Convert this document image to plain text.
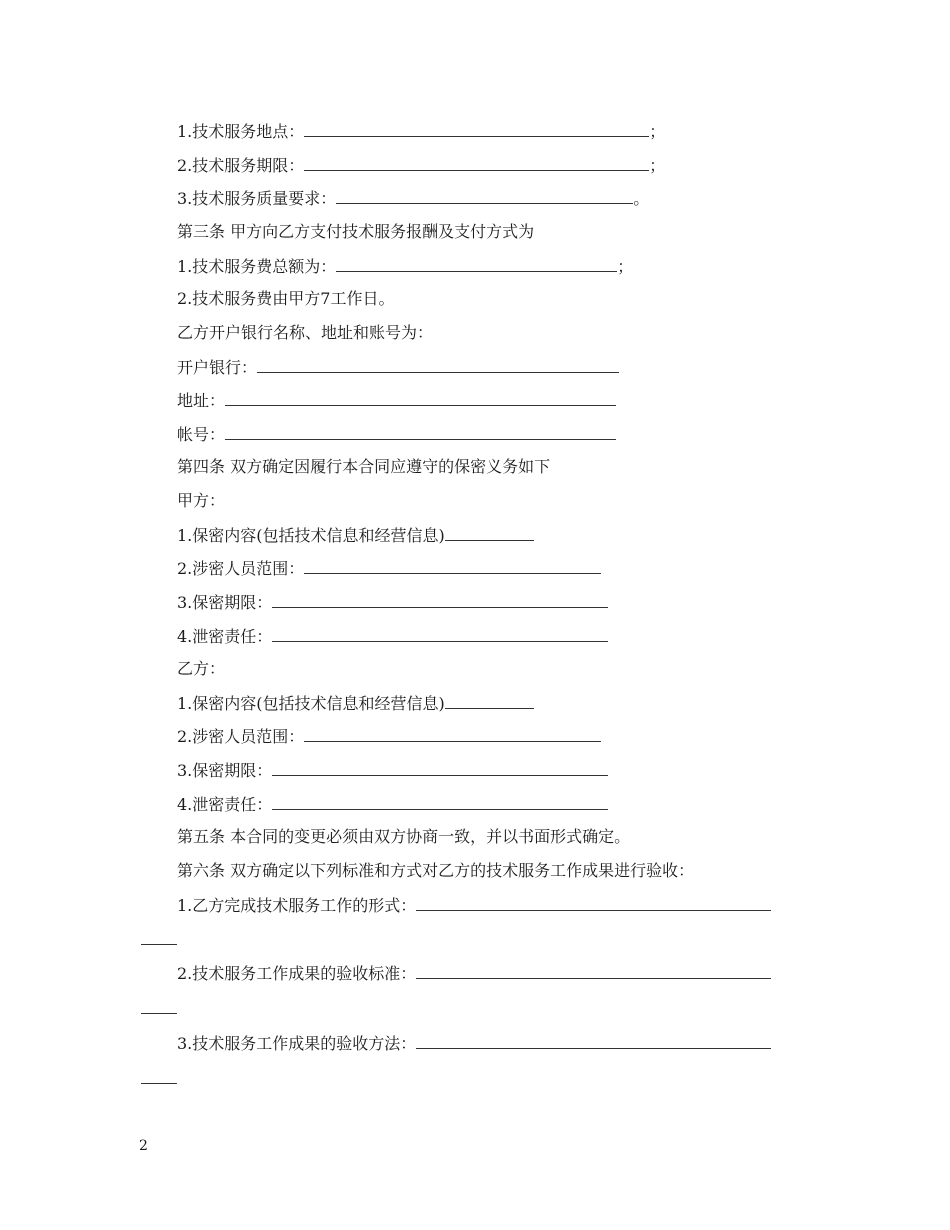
1.技术服务地点：	；
2.技术服务期限：	；
3.技术服务质量要求：	。
第三条 甲方向乙方支付技术服务报酬及支付方式为
1.技术服务费总额为：	；
2.技术服务费由甲方7工作日。
乙方开户银行名称、地址和账号为：
开户银行：
地址：
帐号：
第四条 双方确定因履行本合同应遵守的保密义务如下
甲方：
1.保密内容(包括技术信息和经营信息)
2.涉密人员范围：
3.保密期限：
4.泄密责任：
乙方：
1.保密内容(包括技术信息和经营信息)
2.涉密人员范围：
3.保密期限：
4.泄密责任：
第五条 本合同的变更必须由双方协商一致，并以书面形式确定。
第六条 双方确定以下列标准和方式对乙方的技术服务工作成果进行验收：
1.乙方完成技术服务工作的形式：
2.技术服务工作成果的验收标准：
3.技术服务工作成果的验收方法：
2
